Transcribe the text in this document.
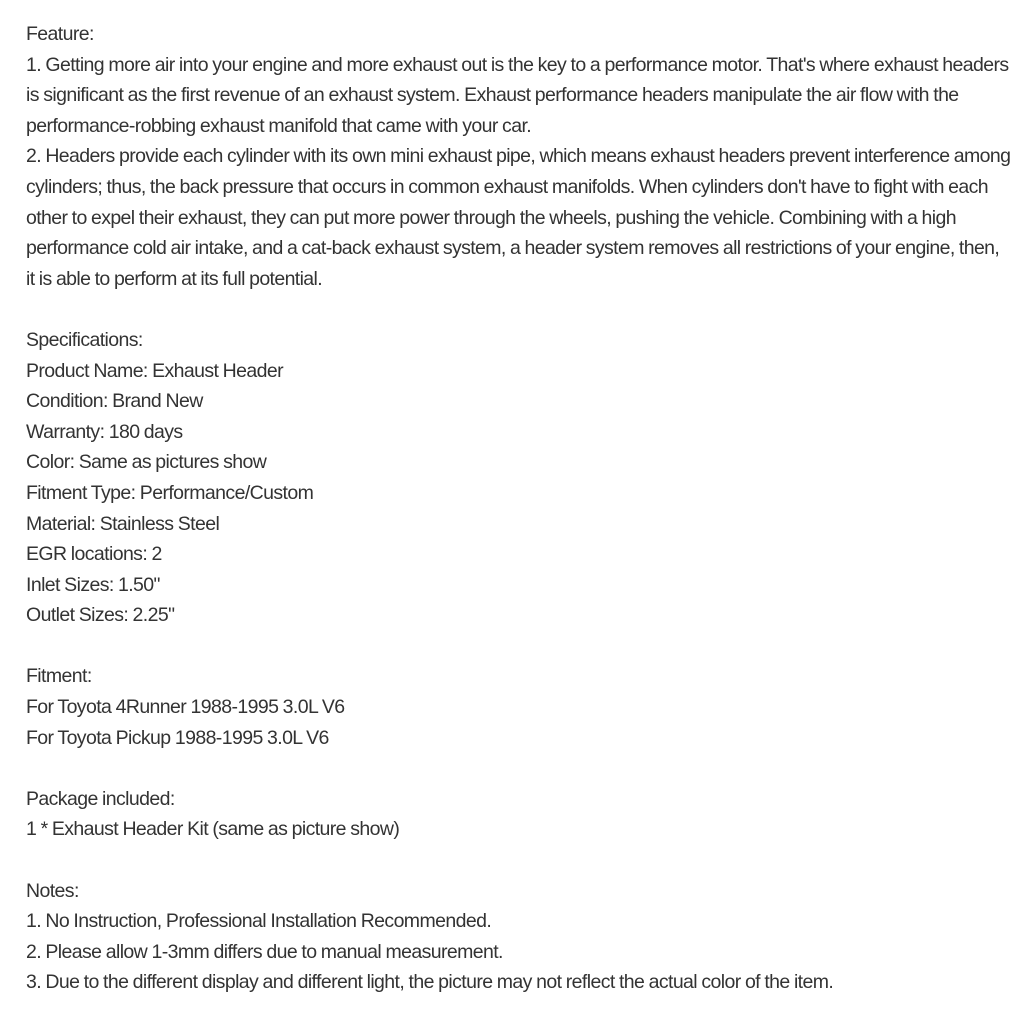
Feature:

1. Getting more air into your engine and more exhaust out is the key to a performance motor. That's where exhaust headers is significant as the first revenue of an exhaust system. Exhaust performance headers manipulate the air flow with the performance-robbing exhaust manifold that came with your car.

2. Headers provide each cylinder with its own mini exhaust pipe, which means exhaust headers prevent interference among cylinders; thus, the back pressure that occurs in common exhaust manifolds. When cylinders don't have to fight with each other to expel their exhaust, they can put more power through the wheels, pushing the vehicle. Combining with a high performance cold air intake, and a cat-back exhaust system, a header system removes all restrictions of your engine, then, it is able to perform at its full potential.

Specifications:

Product Name: Exhaust Header

Condition: Brand New

Warranty: 180 days

Color: Same as pictures show

Fitment Type: Performance/Custom

Material: Stainless Steel

EGR locations: 2

Inlet Sizes: 1.50"

Outlet Sizes: 2.25"

Fitment:

For Toyota 4Runner 1988-1995 3.0L V6

For Toyota Pickup 1988-1995 3.0L V6

Package included:

1 * Exhaust Header Kit (same as picture show)

Notes:

1. No Instruction, Professional Installation Recommended.

2. Please allow 1-3mm differs due to manual measurement.

3. Due to the different display and different light, the picture may not reflect the actual color of the item.
